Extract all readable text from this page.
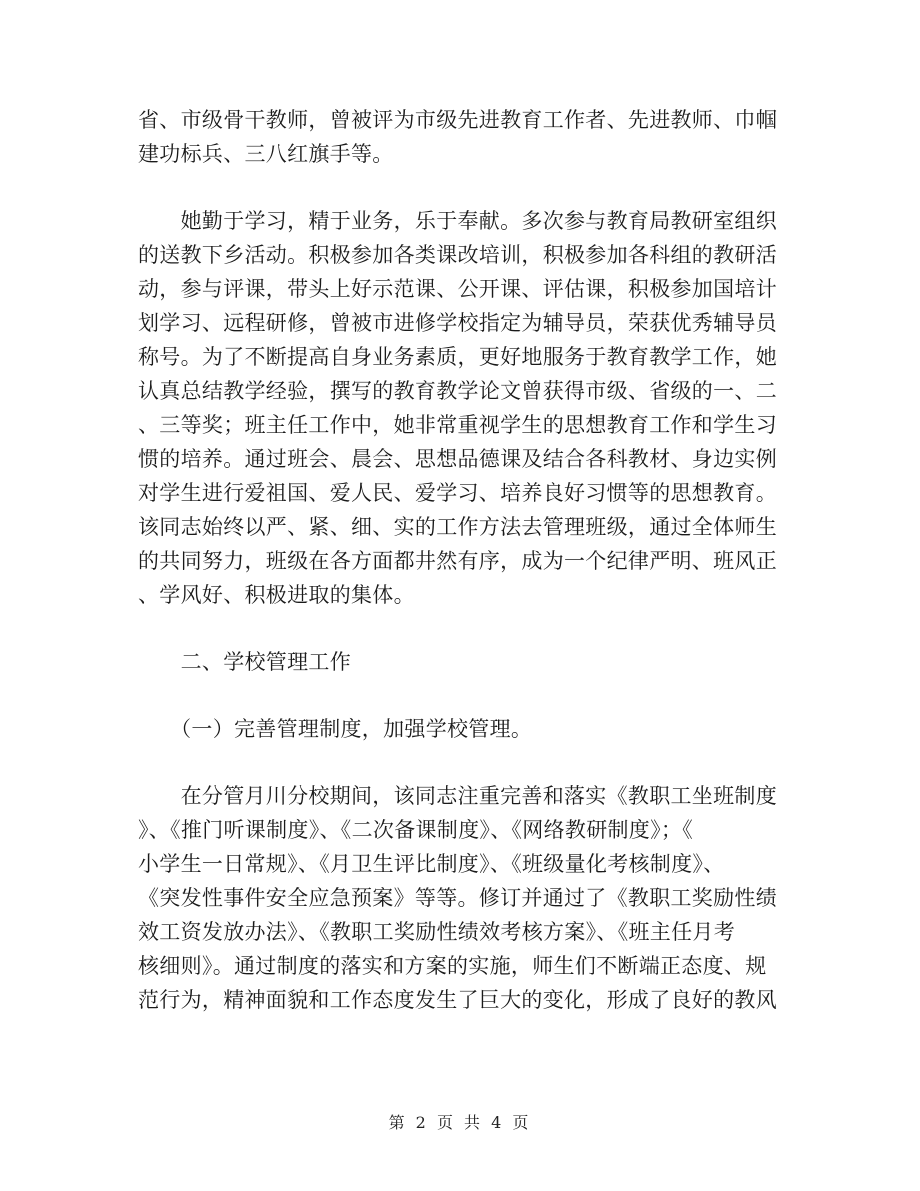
省、市级骨干教师，曾被评为市级先进教育工作者、先进教师、巾帼
建功标兵、三八红旗手等。
　　她勤于学习，精于业务，乐于奉献。多次参与教育局教研室组织
的送教下乡活动。积极参加各类课改培训，积极参加各科组的教研活
动，参与评课，带头上好示范课、公开课、评估课，积极参加国培计
划学习、远程研修，曾被市进修学校指定为辅导员，荣获优秀辅导员
称号。为了不断提高自身业务素质，更好地服务于教育教学工作，她
认真总结教学经验，撰写的教育教学论文曾获得市级、省级的一、二
、三等奖；班主任工作中，她非常重视学生的思想教育工作和学生习
惯的培养。通过班会、晨会、思想品德课及结合各科教材、身边实例
对学生进行爱祖国、爱人民、爱学习、培养良好习惯等的思想教育。
该同志始终以严、紧、细、实的工作方法去管理班级，通过全体师生
的共同努力，班级在各方面都井然有序，成为一个纪律严明、班风正
、学风好、积极进取的集体。
　　二、学校管理工作
　　（一）完善管理制度，加强学校管理。
　　在分管月川分校期间，该同志注重完善和落实《教职工坐班制度
》、《推门听课制度》、《二次备课制度》、《网络教研制度》；《
小学生一日常规》、《月卫生评比制度》、《班级量化考核制度》、
《突发性事件安全应急预案》等等。修订并通过了《教职工奖励性绩
效工资发放办法》、《教职工奖励性绩效考核方案》、《班主任月考
核细则》。通过制度的落实和方案的实施，师生们不断端正态度、规
范行为，精神面貌和工作态度发生了巨大的变化，形成了良好的教风
第 2 页 共 4 页
